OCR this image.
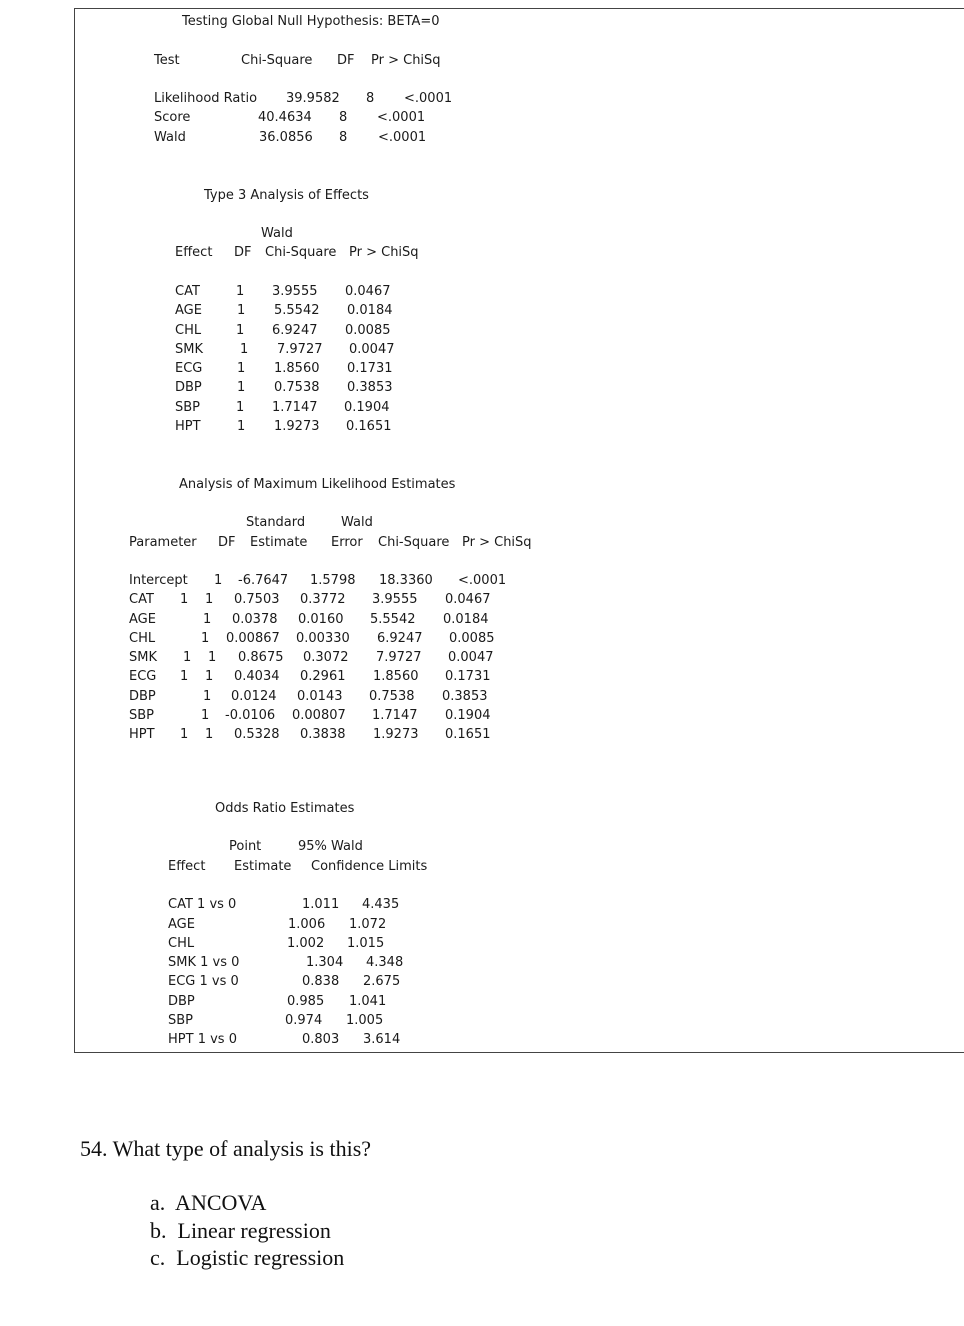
Testing Global Null Hypothesis: BETA=0
Test	Chi-Square DF Pr > ChiSq
Likelihood Ratio 39.9582 8 <.0001
Score	40.4634 8 <.0001
Wald	36.0856 8 <.0001
Type 3 Analysis of Effects
Wald
Effect DF Chi-Square Pr > ChiSq
CAT	1 3.9555 0.0467
AGE	1 5.5542 0.0184
CHL	1 6.9247 0.0085
SMK	1 7.9727 0.0047
ECG	1 1.8560 0.1731
DBP	1 0.7538 0.3853
SBP	1 1.7147 0.1904
HPT	1 1.9273 0.1651
Analysis of Maximum Likelihood Estimates
Standard	Wald
Parameter DF Estimate Error Chi-Square Pr > ChiSq
Intercept 1 -6.7647 1.5798 18.3360 <.0001
CAT 1 1 0.7503 0.3772 3.9555 0.0467
AGE	1 0.0378 0.0160 5.5542 0.0184
CHL	1 0.00867 0.00330 6.9247 0.0085
SMK 1 1 0.8675 0.3072 7.9727 0.0047
ECG 1 1 0.4034 0.2961 1.8560 0.1731
DBP	1 0.0124 0.0143 0.7538 0.3853
SBP	1 -0.0106 0.00807 1.7147 0.1904
HPT 1 1 0.5328 0.3838 1.9273 0.1651
Odds Ratio Estimates
Point	95% Wald
Effect Estimate Confidence Limits
CAT 1 vs 0	1.011 4.435
AGE	1.006 1.072
CHL	1.002 1.015
SMK 1 vs 0	1.304 4.348
ECG 1 vs 0	0.838 2.675
DBP	0.985 1.041
SBP	0.974 1.005
HPT 1 vs 0	0.803 3.614
54. What type of analysis is this?
a.  ANCOVA
b.  Linear regression
c.  Logistic regression
